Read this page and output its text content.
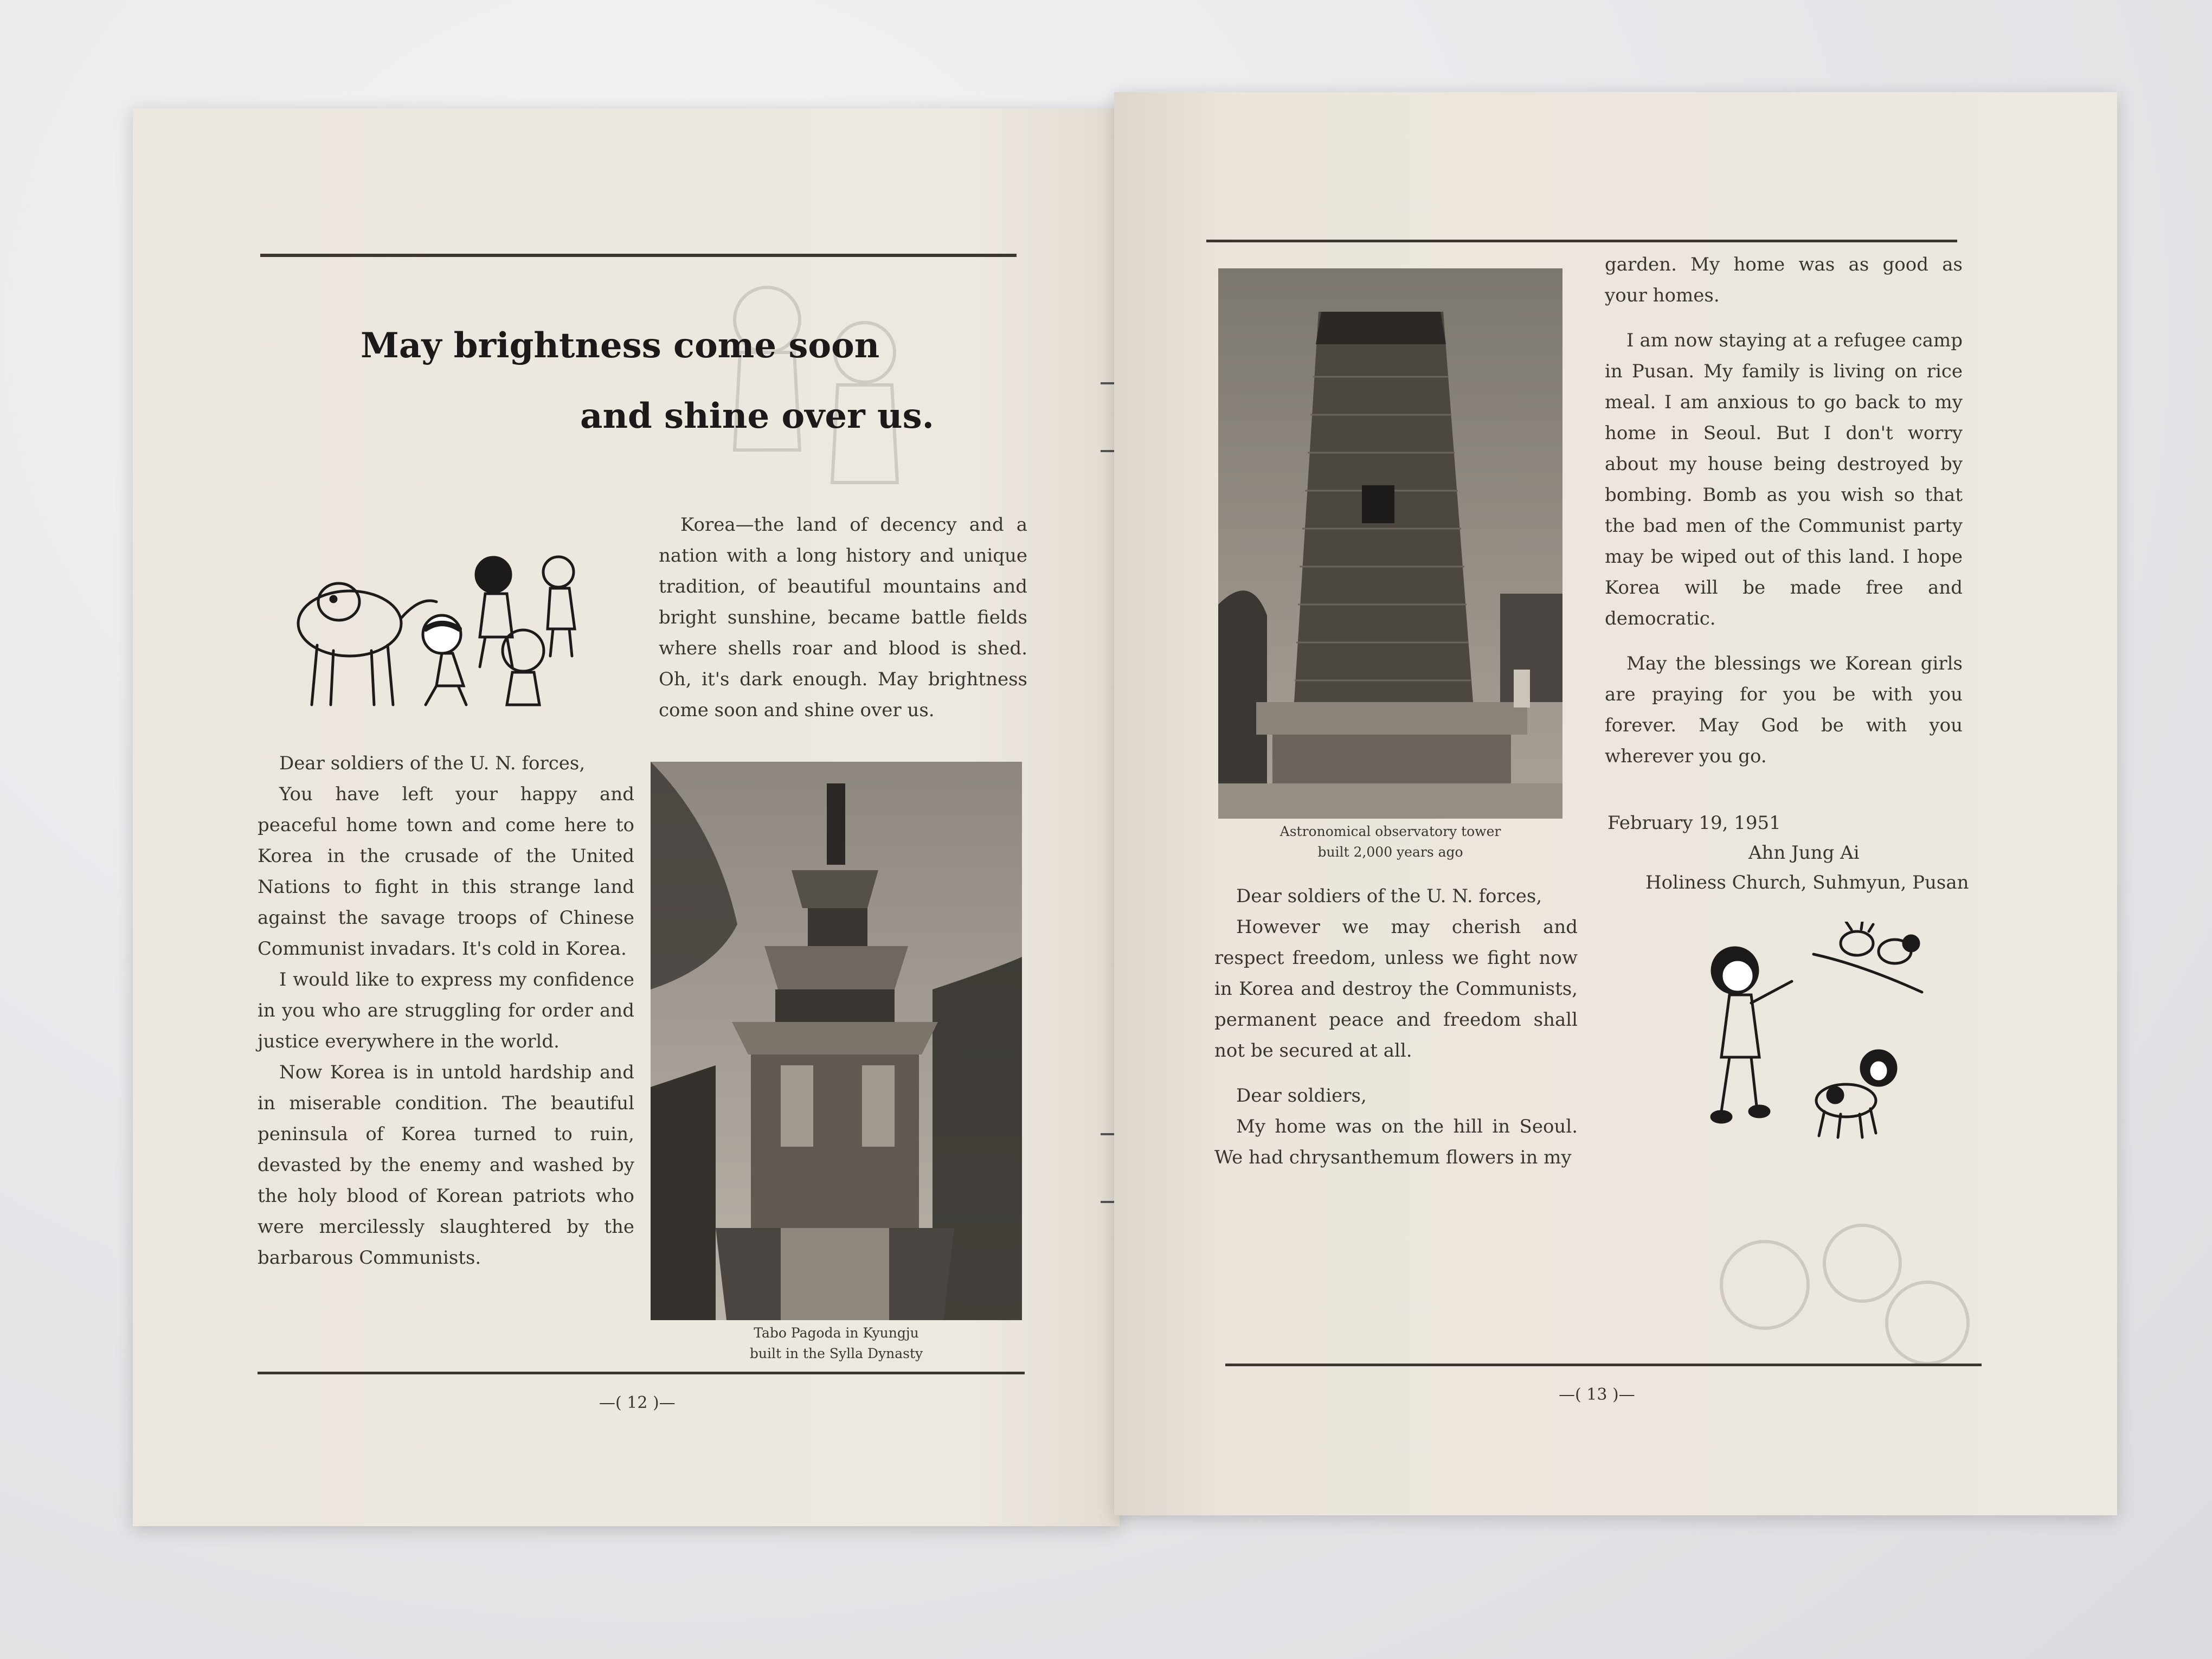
May brightness come soon
and shine over us.

Korea—the land of decency and a nation with a long history and unique tradition, of beautiful mountains and bright sunshine, became battle fields where shells roar and blood is shed. Oh, it's dark enough. May brightness come soon and shine over us.

Dear soldiers of the U. N. forces,

You have left your happy and peaceful home town and come here to Korea in the crusade of the United Nations to fight in this strange land against the savage troops of Chinese Communist invadars. It's cold in Korea.

I would like to express my confidence in you who are struggling for order and justice everywhere in the world.

Now Korea is in untold hardship and in miserable condition. The beautiful peninsula of Korea turned to ruin, devasted by the enemy and washed by the holy blood of Korean patriots who were mercilessly slaughtered by the barbarous Communists.

Tabo Pagoda in Kyungju
built in the Sylla Dynasty
—( 12 )—
Astronomical observatory tower
built 2,000 years ago

Dear soldiers of the U. N. forces,

However we may cherish and respect freedom, unless we fight now in Korea and destroy the Communists, permanent peace and freedom shall not be secured at all.

Dear soldiers,

My home was on the hill in Seoul. We had chrysanthemum flowers in my

garden. My home was as good as your homes.

I am now staying at a refugee camp in Pusan. My family is living on rice meal. I am anxious to go back to my home in Seoul. But I don't worry about my house being destroyed by bombing. Bomb as you wish so that the bad men of the Communist party may be wiped out of this land. I hope Korea will be made free and democratic.

May the blessings we Korean girls are praying for you be with you forever. May God be with you wherever you go.

February 19, 1951
Ahn Jung Ai
Holiness Church, Suhmyun, Pusan
—( 13 )—
